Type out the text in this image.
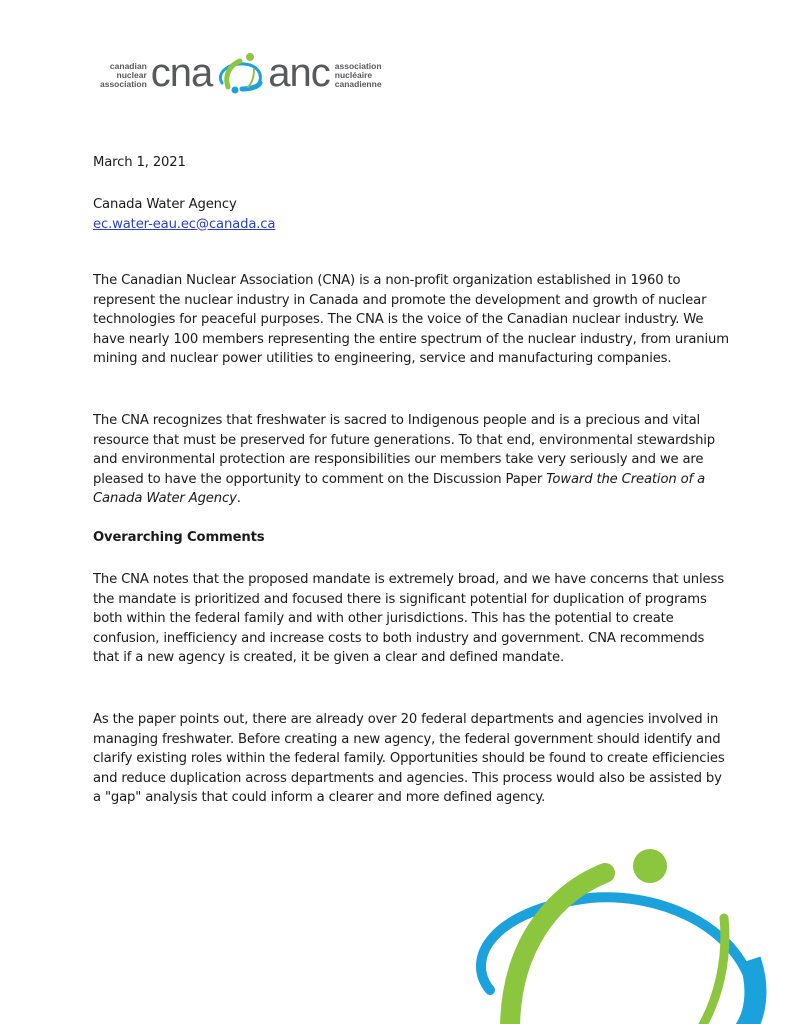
canadian
nuclear
association cna anc association
nucléaire
canadienne
March 1, 2021
Canada Water Agency
ec.water-eau.ec@canada.ca

The Canadian Nuclear Association (CNA) is a non-profit organization established in 1960 to represent the nuclear industry in Canada and promote the development and growth of nuclear technologies for peaceful purposes. The CNA is the voice of the Canadian nuclear industry. We have nearly 100 members representing the entire spectrum of the nuclear industry, from uranium mining and nuclear power utilities to engineering, service and manufacturing companies.

The CNA recognizes that freshwater is sacred to Indigenous people and is a precious and vital resource that must be preserved for future generations. To that end, environmental stewardship and environmental protection are responsibilities our members take very seriously and we are pleased to have the opportunity to comment on the Discussion Paper Toward the Creation of a Canada Water Agency.

Overarching Comments

The CNA notes that the proposed mandate is extremely broad, and we have concerns that unless the mandate is prioritized and focused there is significant potential for duplication of programs both within the federal family and with other jurisdictions. This has the potential to create confusion, inefficiency and increase costs to both industry and government. CNA recommends that if a new agency is created, it be given a clear and defined mandate.

As the paper points out, there are already over 20 federal departments and agencies involved in managing freshwater. Before creating a new agency, the federal government should identify and clarify existing roles within the federal family. Opportunities should be found to create efficiencies and reduce duplication across departments and agencies. This process would also be assisted by a "gap" analysis that could inform a clearer and more defined agency.
